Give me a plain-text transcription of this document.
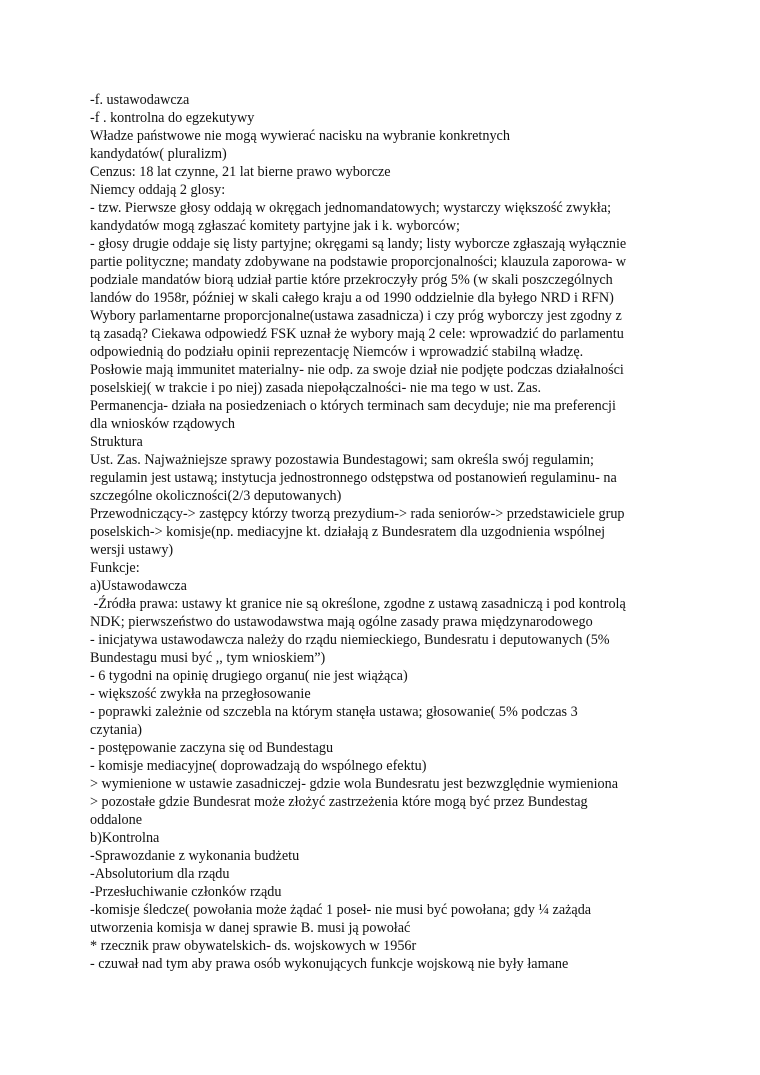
-f. ustawodawcza

-f . kontrolna do egzekutywy

Władze państwowe nie mogą wywierać nacisku na wybranie konkretnych
kandydatów( pluralizm)

Cenzus: 18 lat czynne, 21 lat bierne prawo wyborcze

Niemcy oddają 2 glosy:

- tzw. Pierwsze głosy oddają w okręgach jednomandatowych; wystarczy większość zwykła;
kandydatów mogą zgłaszać komitety partyjne jak i k. wyborców;

- głosy drugie oddaje się listy partyjne; okręgami są landy; listy wyborcze zgłaszają wyłącznie
partie polityczne; mandaty zdobywane na podstawie proporcjonalności; klauzula zaporowa- w
podziale mandatów biorą udział partie które przekroczyły próg 5% (w skali poszczególnych
landów do 1958r, później w skali całego kraju a od 1990 oddzielnie dla byłego NRD i RFN)

Wybory parlamentarne proporcjonalne(ustawa zasadnicza) i czy próg wyborczy jest zgodny z
tą zasadą? Ciekawa odpowiedź FSK uznał że wybory mają 2 cele: wprowadzić do parlamentu
odpowiednią do podziału opinii reprezentację Niemców i wprowadzić stabilną władzę.

Posłowie mają immunitet materialny- nie odp. za swoje dział nie podjęte podczas działalności
poselskiej( w trakcie i po niej) zasada niepołączalności- nie ma tego w ust. Zas.

Permanencja- działa na posiedzeniach o których terminach sam decyduje; nie ma preferencji
dla wniosków rządowych

Struktura

Ust. Zas. Najważniejsze sprawy pozostawia Bundestagowi; sam określa swój regulamin;
regulamin jest ustawą; instytucja jednostronnego odstępstwa od postanowień regulaminu- na
szczególne okoliczności(2/3 deputowanych)

Przewodniczący-> zastępcy którzy tworzą prezydium-> rada seniorów-> przedstawiciele grup
poselskich-> komisje(np. mediacyjne kt. działają z Bundesratem dla uzgodnienia wspólnej
wersji ustawy)

Funkcje:

a)Ustawodawcza

-Źródła prawa: ustawy kt granice nie są określone, zgodne z ustawą zasadniczą i pod kontrolą
NDK; pierwszeństwo do ustawodawstwa mają ogólne zasady prawa międzynarodowego

- inicjatywa ustawodawcza należy do rządu niemieckiego, Bundesratu i deputowanych (5%
Bundestagu musi być ,, tym wnioskiem”)

- 6 tygodni na opinię drugiego organu( nie jest wiążąca)

- większość zwykła na przegłosowanie

- poprawki zależnie od szczebla na którym stanęła ustawa; głosowanie( 5% podczas 3
czytania)

- postępowanie zaczyna się od Bundestagu

- komisje mediacyjne( doprowadzają do wspólnego efektu)

> wymienione w ustawie zasadniczej- gdzie wola Bundesratu jest bezwzględnie wymieniona

> pozostałe gdzie Bundesrat może złożyć zastrzeżenia które mogą być przez Bundestag
oddalone

b)Kontrolna

-Sprawozdanie z wykonania budżetu

-Absolutorium dla rządu

-Przesłuchiwanie członków rządu

-komisje śledcze( powołania może żądać 1 poseł- nie musi być powołana; gdy ¼ zażąda
utworzenia komisja w danej sprawie B. musi ją powołać

* rzecznik praw obywatelskich- ds. wojskowych w 1956r

- czuwał nad tym aby prawa osób wykonujących funkcje wojskową nie były łamane
